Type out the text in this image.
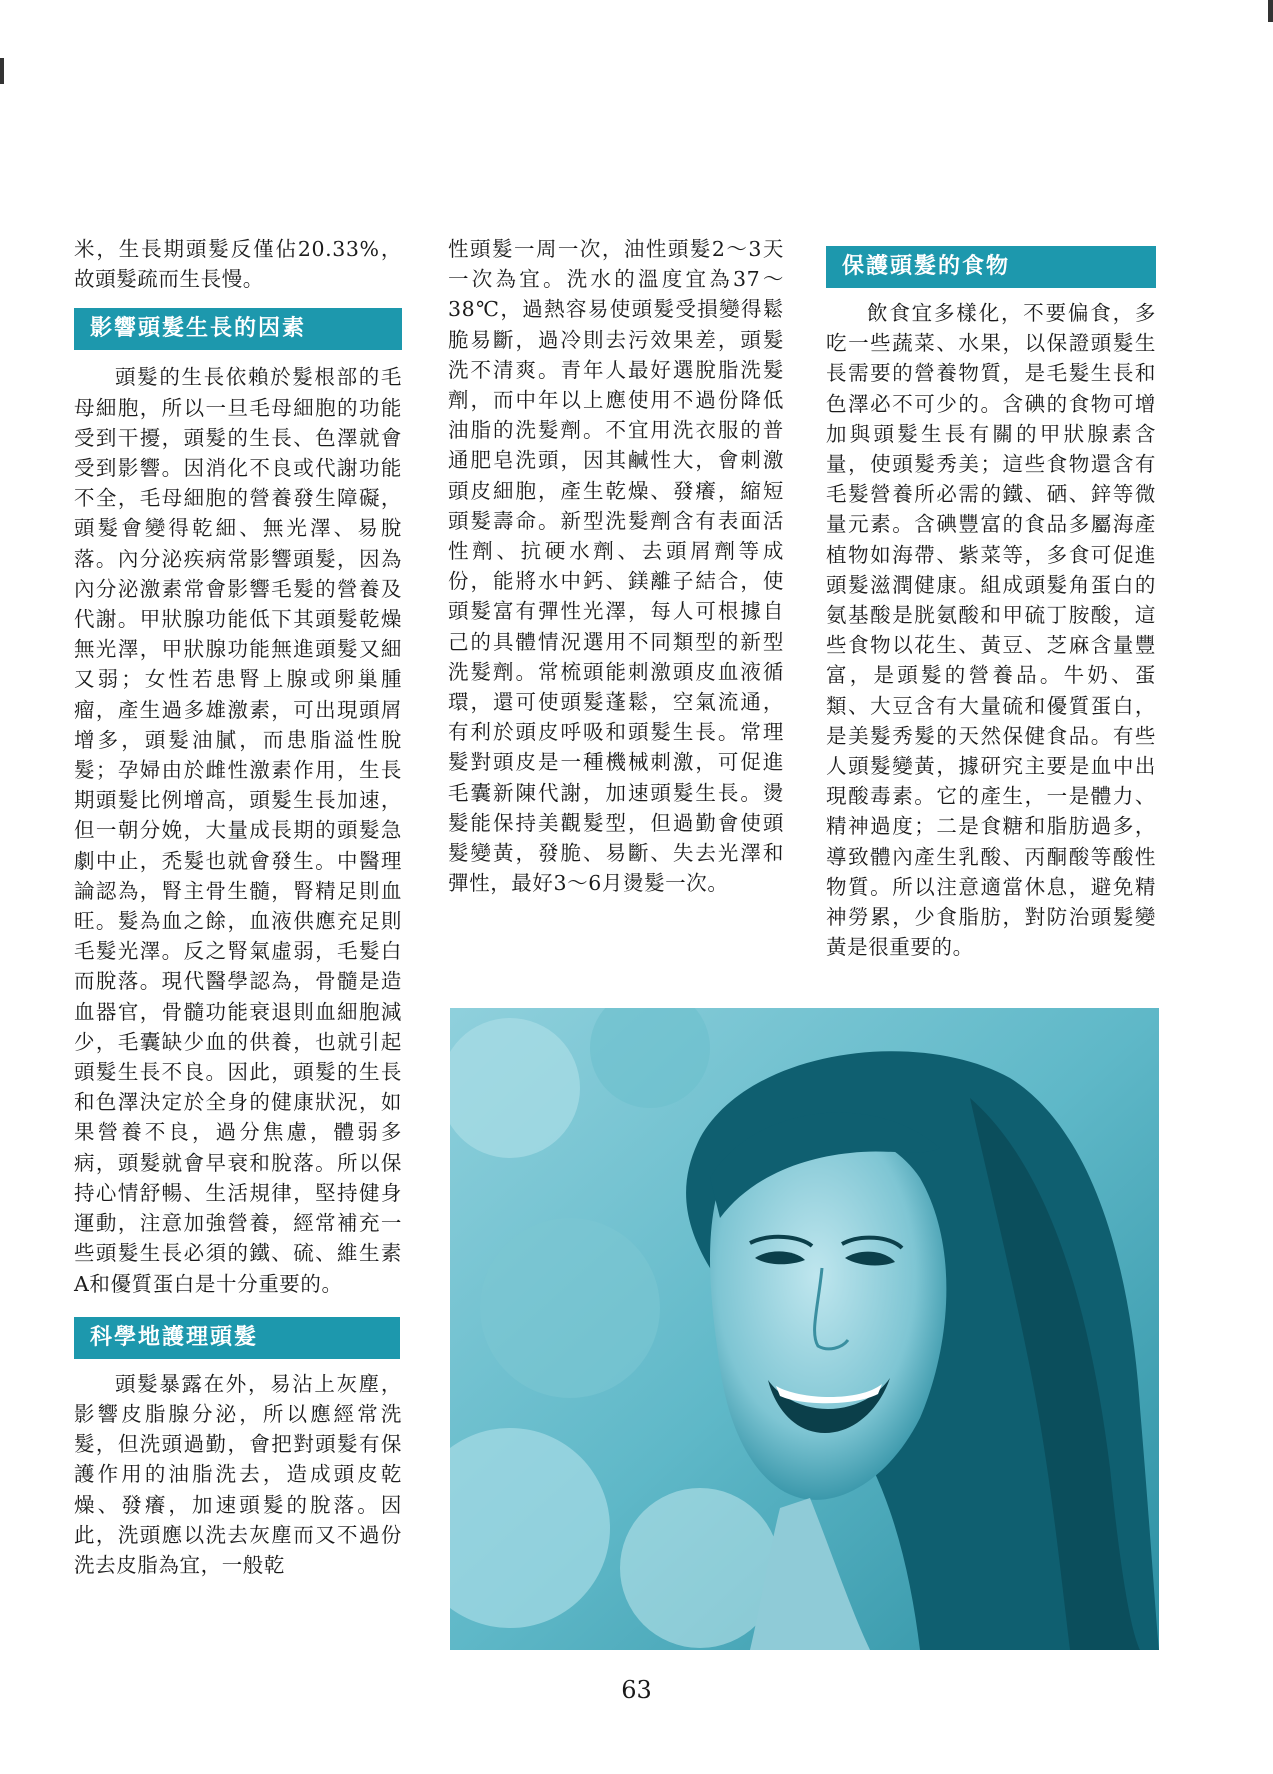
米，生長期頭髮反僅佔20.33%，故頭髮疏而生長慢。

影響頭髮生長的因素

頭髮的生長依賴於髮根部的毛母細胞，所以一旦毛母細胞的功能受到干擾，頭髮的生長、色澤就會受到影響。因消化不良或代謝功能不全，毛母細胞的營養發生障礙，頭髮會變得乾細、無光澤、易脫落。內分泌疾病常影響頭髮，因為內分泌激素常會影響毛髮的營養及代謝。甲狀腺功能低下其頭髮乾燥無光澤，甲狀腺功能無進頭髮又細又弱；女性若患腎上腺或卵巢腫瘤，產生過多雄激素，可出現頭屑增多，頭髮油膩，而患脂溢性脫髮；孕婦由於雌性激素作用，生長期頭髮比例增高，頭髮生長加速，但一朝分娩，大量成長期的頭髮急劇中止，禿髮也就會發生。中醫理論認為，腎主骨生髓，腎精足則血旺。髮為血之餘，血液供應充足則毛髮光澤。反之腎氣虛弱，毛髮白而脫落。現代醫學認為，骨髓是造血器官，骨髓功能衰退則血細胞減少，毛囊缺少血的供養，也就引起頭髮生長不良。因此，頭髮的生長和色澤決定於全身的健康狀況，如果營養不良，過分焦慮，體弱多病，頭髮就會早衰和脫落。所以保持心情舒暢、生活規律，堅持健身運動，注意加強營養，經常補充一些頭髮生長必須的鐵、硫、維生素A和優質蛋白是十分重要的。

科學地護理頭髮

頭髮暴露在外，易沾上灰塵，影響皮脂腺分泌，所以應經常洗髮，但洗頭過勤，會把對頭髮有保護作用的油脂洗去，造成頭皮乾燥、發癢，加速頭髮的脫落。因此，洗頭應以洗去灰塵而又不過份洗去皮脂為宜，一般乾

性頭髮一周一次，油性頭髮2～3天一次為宜。洗水的溫度宜為37～38℃，過熱容易使頭髮受損變得鬆脆易斷，過冷則去污效果差，頭髮洗不清爽。青年人最好選脫脂洗髮劑，而中年以上應使用不過份降低油脂的洗髮劑。不宜用洗衣服的普通肥皂洗頭，因其鹹性大，會刺激頭皮細胞，產生乾燥、發癢，縮短頭髮壽命。新型洗髮劑含有表面活性劑、抗硬水劑、去頭屑劑等成份，能將水中鈣、鎂離子結合，使頭髮富有彈性光澤，每人可根據自己的具體情況選用不同類型的新型洗髮劑。常梳頭能刺激頭皮血液循環，還可使頭髮蓬鬆，空氣流通，有利於頭皮呼吸和頭髮生長。常理髮對頭皮是一種機械刺激，可促進毛囊新陳代謝，加速頭髮生長。燙髮能保持美觀髮型，但過勤會使頭髮變黃，發脆、易斷、失去光澤和彈性，最好3～6月燙髮一次。

保護頭髮的食物

飲食宜多樣化，不要偏食，多吃一些蔬菜、水果，以保證頭髮生長需要的營養物質，是毛髮生長和色澤必不可少的。含碘的食物可增加與頭髮生長有關的甲狀腺素含量，使頭髮秀美；這些食物還含有毛髮營養所必需的鐵、硒、鋅等微量元素。含碘豐富的食品多屬海產植物如海帶、紫菜等，多食可促進頭髮滋潤健康。組成頭髮角蛋白的氨基酸是胱氨酸和甲硫丁胺酸，這些食物以花生、黃豆、芝麻含量豐富，是頭髮的營養品。牛奶、蛋類、大豆含有大量硫和優質蛋白，是美髮秀髮的天然保健食品。有些人頭髮變黃，據研究主要是血中出現酸毒素。它的產生，一是體力、精神過度；二是食糖和脂肪過多，導致體內產生乳酸、丙酮酸等酸性物質。所以注意適當休息，避免精神勞累，少食脂肪，對防治頭髮變黃是很重要的。

63
